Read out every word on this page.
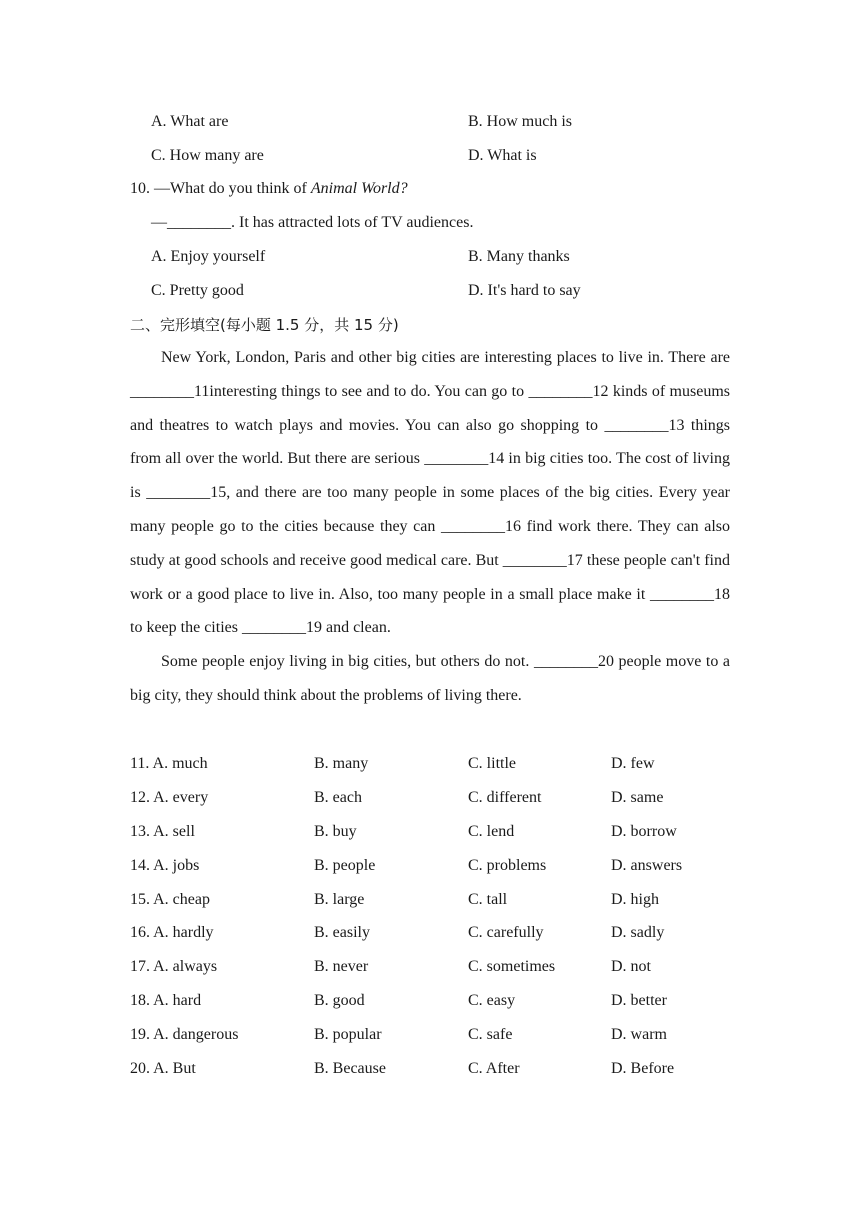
A. What are	B. How much is
C. How many are	D. What is
10. —What do you think of Animal World?
—________. It has attracted lots of TV audiences.
A. Enjoy yourself	B. Many thanks
C. Pretty good	D. It's hard to say
二、完形填空(每小题 1.5 分，共 15 分)

New York, London, Paris and other big cities are interesting places to live in. There are ________11interesting things to see and to do. You can go to ________12 kinds of museums and theatres to watch plays and movies. You can also go shopping to ________13 things from all over the world. But there are serious ________14 in big cities too. The cost of living is ________15, and there are too many people in some places of the big cities. Every year many people go to the cities because they can ________16 find work there. They can also study at good schools and receive good medical care. But ________17 these people can't find work or a good place to live in. Also, too many people in a small place make it ________18 to keep the cities ________19 and clean.

Some people enjoy living in big cities, but others do not. ________20 people move to a big city, they should think about the problems of living there.

11. A. much	B. many	C. little	D. few
12. A. every	B. each	C. different	D. same
13. A. sell	B. buy	C. lend	D. borrow
14. A. jobs	B. people	C. problems	D. answers
15. A. cheap	B. large	C. tall	D. high
16. A. hardly	B. easily	C. carefully	D. sadly
17. A. always	B. never	C. sometimes	D. not
18. A. hard	B. good	C. easy	D. better
19. A. dangerous	B. popular	C. safe	D. warm
20. A. But	B. Because	C. After	D. Before
